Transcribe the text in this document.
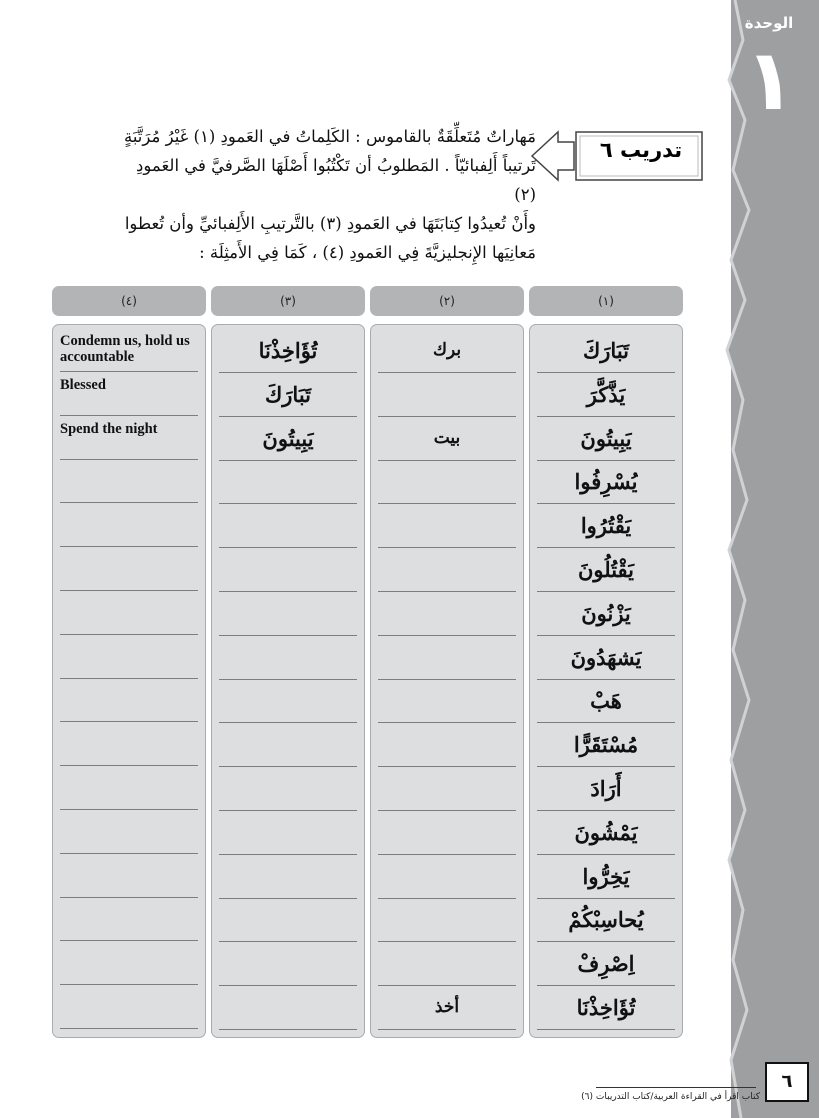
الوحدة
١
تدريب ٦
مَهاراتٌ مُتَعلِّقَةٌ بالقاموس : الكَلِماتُ في العَمودِ (١) غَيْرُ مُرَتَّبَةٍ
تَرتيباً أَلِفبائيّاً . المَطلوبُ أن تَكْتُبُوا أَصْلَهَا الصَّرفيَّ في العَمودِ (٢)
وأَنْ تُعيدُوا كِتابَتَهَا في العَمودِ (٣) بالتَّرتيبِ الأَلِفبائيِّ وأن تُعطوا
مَعانِيَها الإِنجليزيَّةَ فِي العَمودِ (٤) ، كَمَا فِي الأَمثِلَة :
(٤)
Condemn us, hold us accountable
Blessed
Spend the night
(٣)
تُؤَاخِذْنَا
تَبَارَكَ
يَبِيتُونَ
(٢)
برك
بيت
أخذ
(١)
تَبَارَكَ
يَذَّكَّرَ
يَبِيتُونَ
يُسْرِفُوا
يَقْتُرُوا
يَقْتُلُونَ
يَزْنُونَ
يَشهَدُونَ
هَبْ
مُسْتَقَرًّا
أَرَادَ
يَمْشُونَ
يَخِرُّوا
يُحاسِبْكُمْ
اِصْرِفْ
تُؤَاخِذْنَا
كتاب اقرأ في القراءة العربية/كتاب التدريبات (٦)
٦
